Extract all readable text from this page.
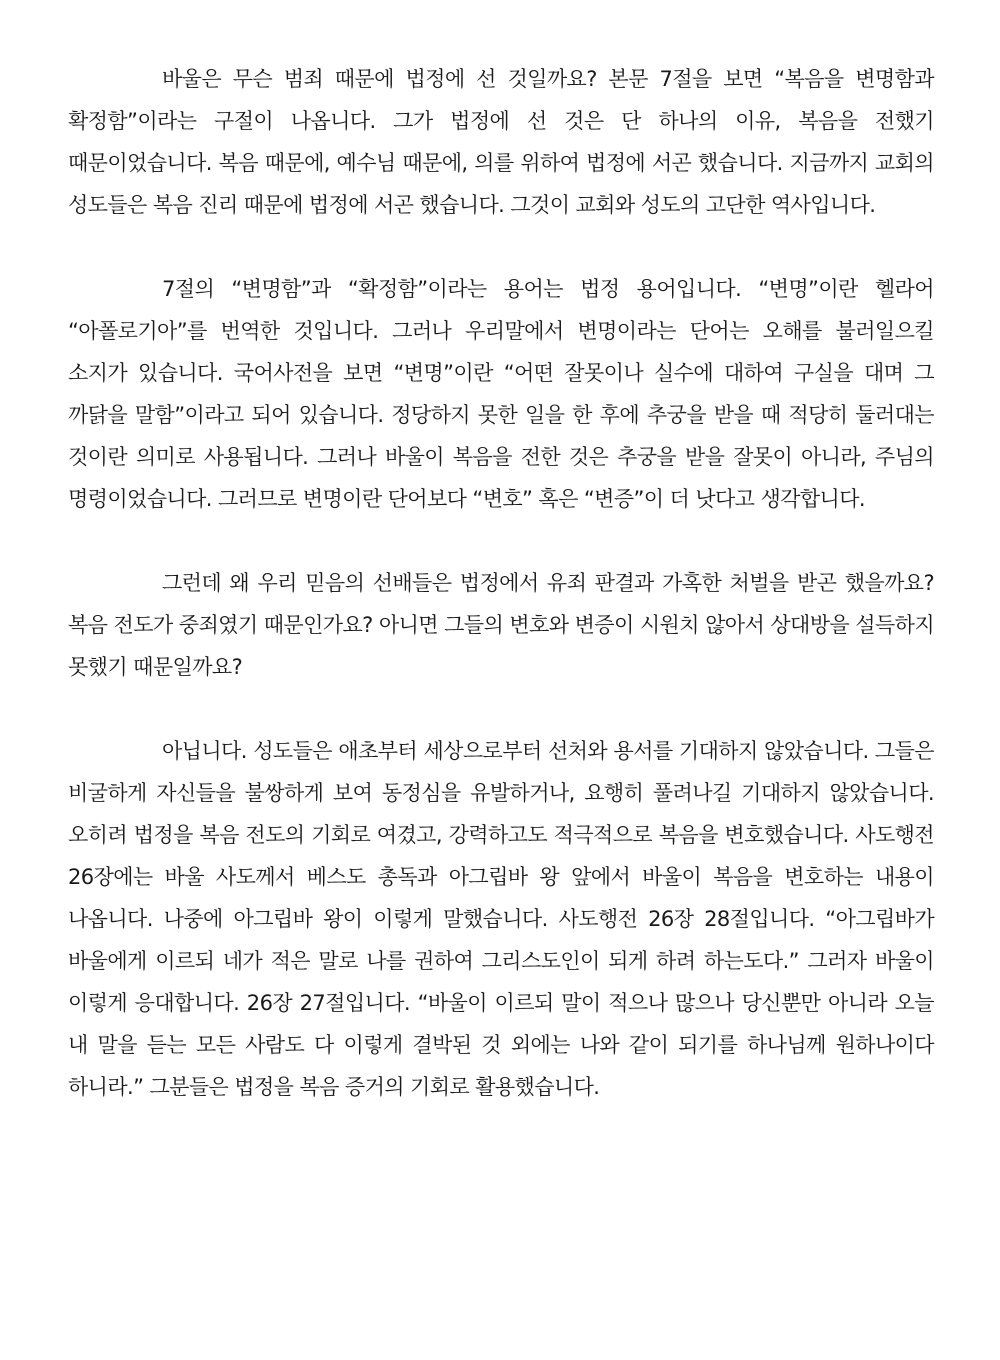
바울은 무슨 범죄 때문에 법정에 선 것일까요? 본문 7절을 보면 “복음을 변명함과 확정함”이라는 구절이 나옵니다. 그가 법정에 선 것은 단 하나의 이유, 복음을 전했기 때문이었습니다. 복음 때문에, 예수님 때문에, 의를 위하여 법정에 서곤 했습니다. 지금까지 교회의 성도들은 복음 진리 때문에 법정에 서곤 했습니다. 그것이 교회와 성도의 고단한 역사입니다.

7절의 “변명함”과 “확정함”이라는 용어는 법정 용어입니다. “변명”이란 헬라어 “아폴로기아”를 번역한 것입니다. 그러나 우리말에서 변명이라는 단어는 오해를 불러일으킬 소지가 있습니다. 국어사전을 보면 “변명”이란 “어떤 잘못이나 실수에 대하여 구실을 대며 그 까닭을 말함”이라고 되어 있습니다. 정당하지 못한 일을 한 후에 추궁을 받을 때 적당히 둘러대는 것이란 의미로 사용됩니다. 그러나 바울이 복음을 전한 것은 추궁을 받을 잘못이 아니라, 주님의 명령이었습니다. 그러므로 변명이란 단어보다 “변호” 혹은 “변증”이 더 낫다고 생각합니다.

그런데 왜 우리 믿음의 선배들은 법정에서 유죄 판결과 가혹한 처벌을 받곤 했을까요? 복음 전도가 중죄였기 때문인가요? 아니면 그들의 변호와 변증이 시원치 않아서 상대방을 설득하지 못했기 때문일까요?

아닙니다. 성도들은 애초부터 세상으로부터 선처와 용서를 기대하지 않았습니다. 그들은 비굴하게 자신들을 불쌍하게 보여 동정심을 유발하거나, 요행히 풀려나길 기대하지 않았습니다. 오히려 법정을 복음 전도의 기회로 여겼고, 강력하고도 적극적으로 복음을 변호했습니다. 사도행전 26장에는 바울 사도께서 베스도 총독과 아그립바 왕 앞에서 바울이 복음을 변호하는 내용이 나옵니다. 나중에 아그립바 왕이 이렇게 말했습니다. 사도행전 26장 28절입니다. “아그립바가 바울에게 이르되 네가 적은 말로 나를 권하여 그리스도인이 되게 하려 하는도다.” 그러자 바울이 이렇게 응대합니다. 26장 27절입니다. “바울이 이르되 말이 적으나 많으나 당신뿐만 아니라 오늘 내 말을 듣는 모든 사람도 다 이렇게 결박된 것 외에는 나와 같이 되기를 하나님께 원하나이다 하니라.” 그분들은 법정을 복음 증거의 기회로 활용했습니다.
